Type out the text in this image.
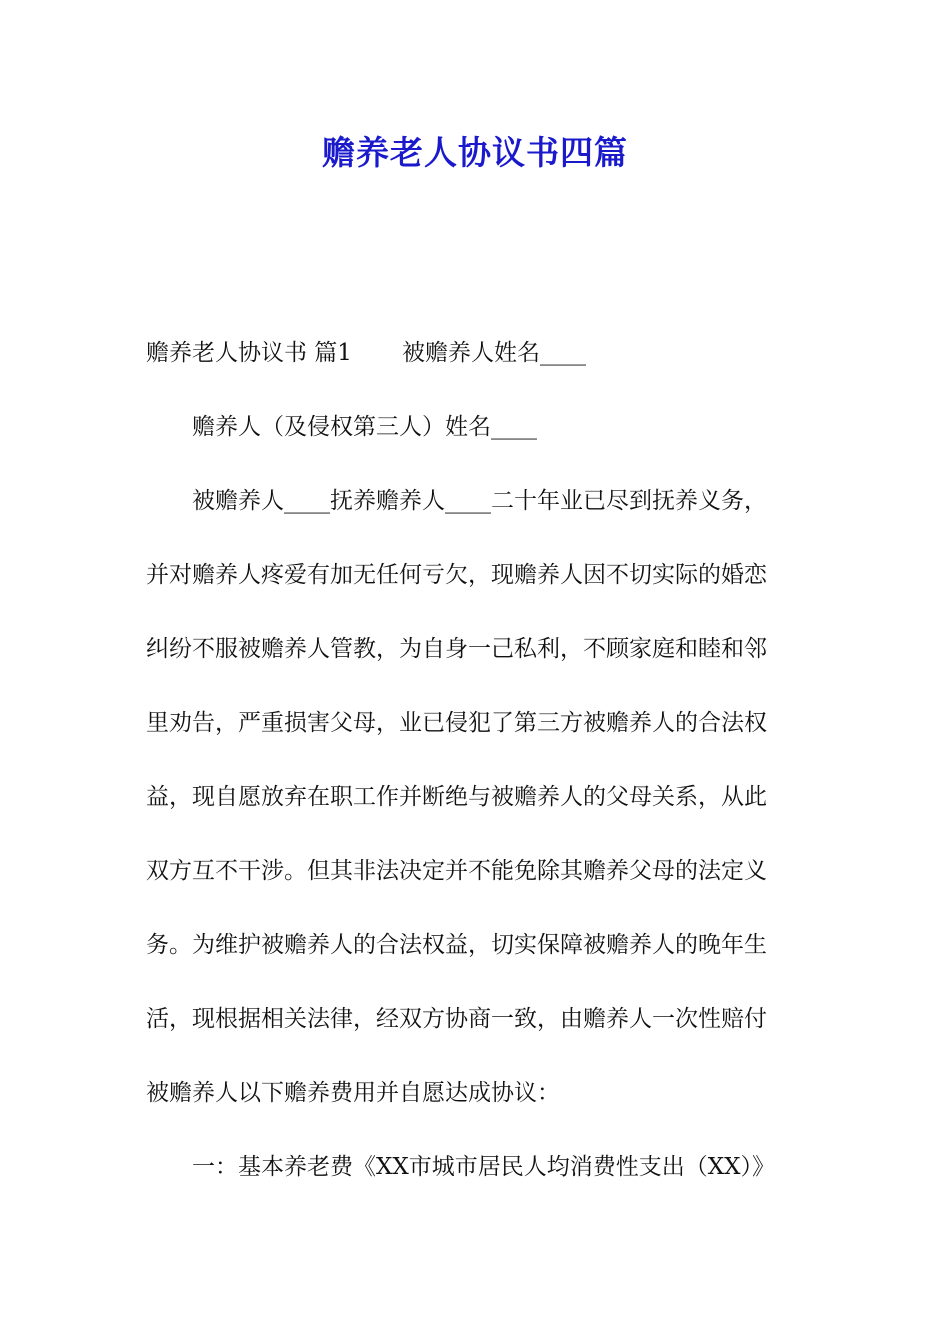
赡养老人协议书四篇
赡养老人协议书 篇1 被赡养人姓名____
赡养人（及侵权第三人）姓名____
被赡养人____抚养赡养人____二十年业已尽到抚养义务，
并对赡养人疼爱有加无任何亏欠，现赡养人因不切实际的婚恋
纠纷不服被赡养人管教，为自身一己私利，不顾家庭和睦和邻
里劝告，严重损害父母，业已侵犯了第三方被赡养人的合法权
益，现自愿放弃在职工作并断绝与被赡养人的父母关系，从此
双方互不干涉。但其非法决定并不能免除其赡养父母的法定义
务。为维护被赡养人的合法权益，切实保障被赡养人的晚年生
活，现根据相关法律，经双方协商一致，由赡养人一次性赔付
被赡养人以下赡养费用并自愿达成协议：
一：基本养老费《XX市城市居民人均消费性支出（XX）》
